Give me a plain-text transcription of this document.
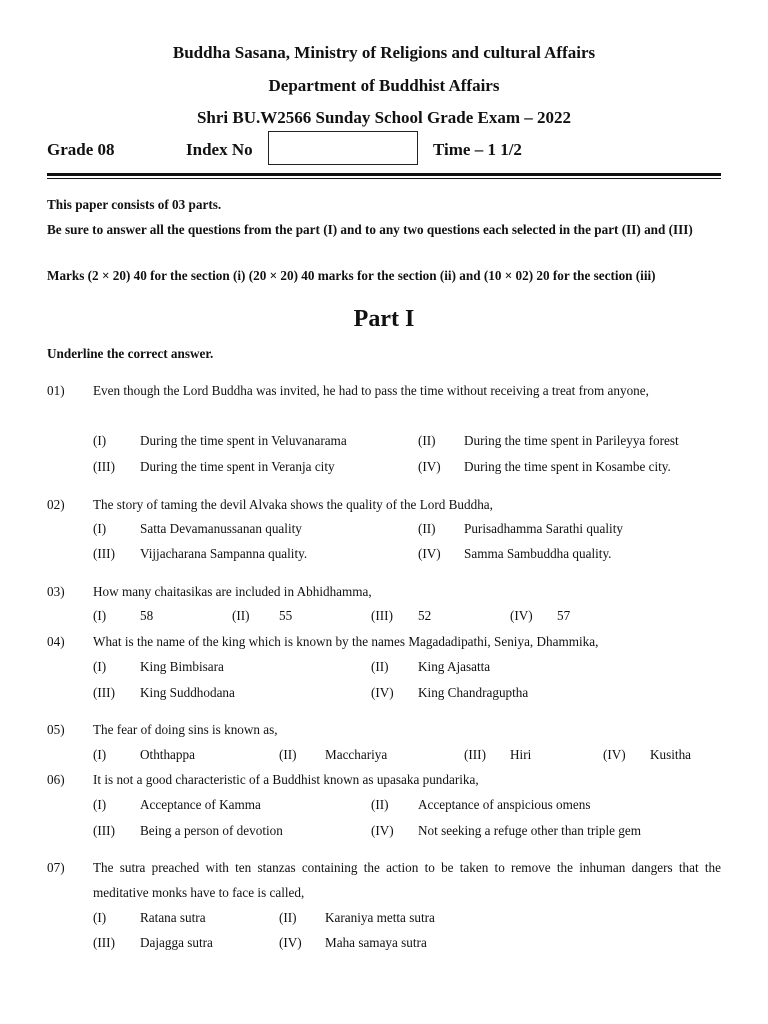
Buddha Sasana, Ministry of Religions and cultural Affairs
Department of Buddhist Affairs
Shri BU.W2566 Sunday School Grade Exam – 2022
Grade 08	Index No	Time – 1 1/2
This paper consists of 03 parts.
Be sure to answer all the questions from the part (I) and to any two questions each selected in the part (II) and (III)
Marks (2 × 20) 40 for the section (i) (20 × 20) 40 marks for the section (ii) and (10 × 02) 20 for the section (iii)
Part I
Underline the correct answer.
01) Even though the Lord Buddha was invited, he had to pass the time without receiving a treat from anyone,
(I)	During the time spent in Veluvanarama	(II) During the time spent in Parileyya forest
(III) During the time spent in Veranja city	(IV) During the time spent in Kosambe city.
02) The story of taming the devil Alvaka shows the quality of the Lord Buddha,
(I)	Satta Devamanussanan quality	(II) Purisadhamma Sarathi quality
(III) Vijjacharana Sampanna quality.	(IV) Samma Sambuddha quality.
03) How many chaitasikas are included in Abhidhamma,
(I)	58	(II) 55	(III) 52	(IV) 57
04) What is the name of the king which is known by the names Magadadipathi, Seniya, Dhammika,
(I)	King Bimbisara	(II) King Ajasatta
(III) King Suddhodana	(IV) King Chandraguptha
05) The fear of doing sins is known as,
(I)	Oththappa	(II) Macchariya	(III) Hiri	(IV) Kusitha
06) It is not a good characteristic of a Buddhist known as upasaka pundarika,
(I)	Acceptance of Kamma	(II) Acceptance of anspicious omens
(III) Being a person of devotion	(IV) Not seeking a refuge other than triple gem
07) The sutra preached with ten stanzas containing the action to be taken to remove the inhuman dangers that the meditative monks have to face is called,
(I)	Ratana sutra	(II) Karaniya metta sutra
(III) Dajagga sutra	(IV) Maha samaya sutra
